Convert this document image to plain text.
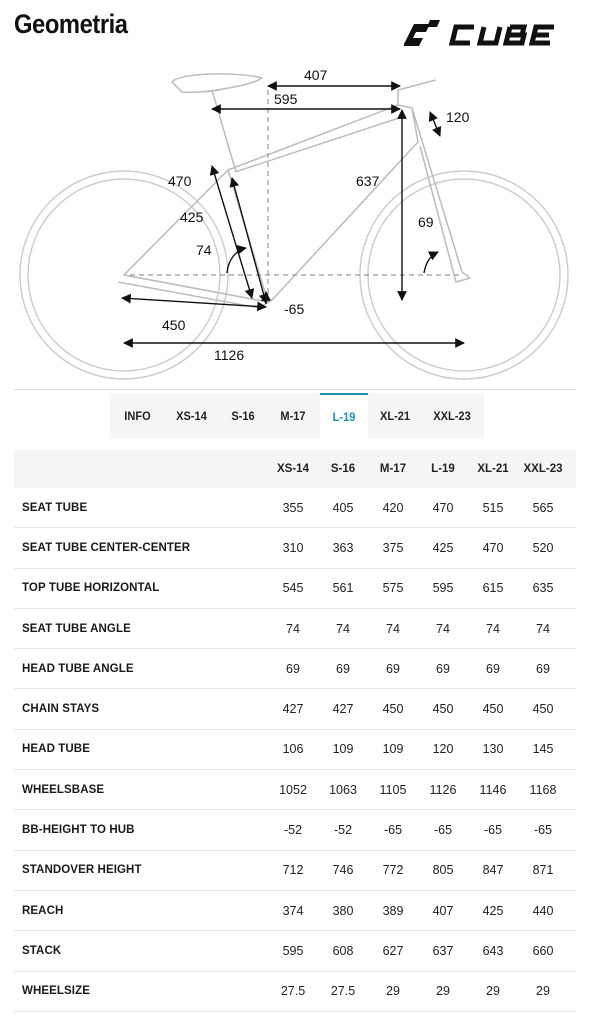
Geometria
407
595
120
470	637
425	69
74
-65
450
1126
INFO	XS-14	S-16	M-17	L-19	XL-21	XXL-23
XS-14	S-16	M-17	L-19	XL-21	XXL-23
SEAT TUBE	355	405	420	470	515	565
SEAT TUBE CENTER-CENTER	310	363	375	425	470	520
TOP TUBE HORIZONTAL	545	561	575	595	615	635
SEAT TUBE ANGLE	74	74	74	74	74	74
HEAD TUBE ANGLE	69	69	69	69	69	69
CHAIN STAYS	427	427	450	450	450	450
HEAD TUBE	106	109	109	120	130	145
WHEELSBASE	1052	1063	1105	1126	1146	1168
BB-HEIGHT TO HUB	-52	-52	-65	-65	-65	-65
STANDOVER HEIGHT	712	746	772	805	847	871
REACH	374	380	389	407	425	440
STACK	595	608	627	637	643	660
WHEELSIZE	27.5	27.5	29	29	29	29
